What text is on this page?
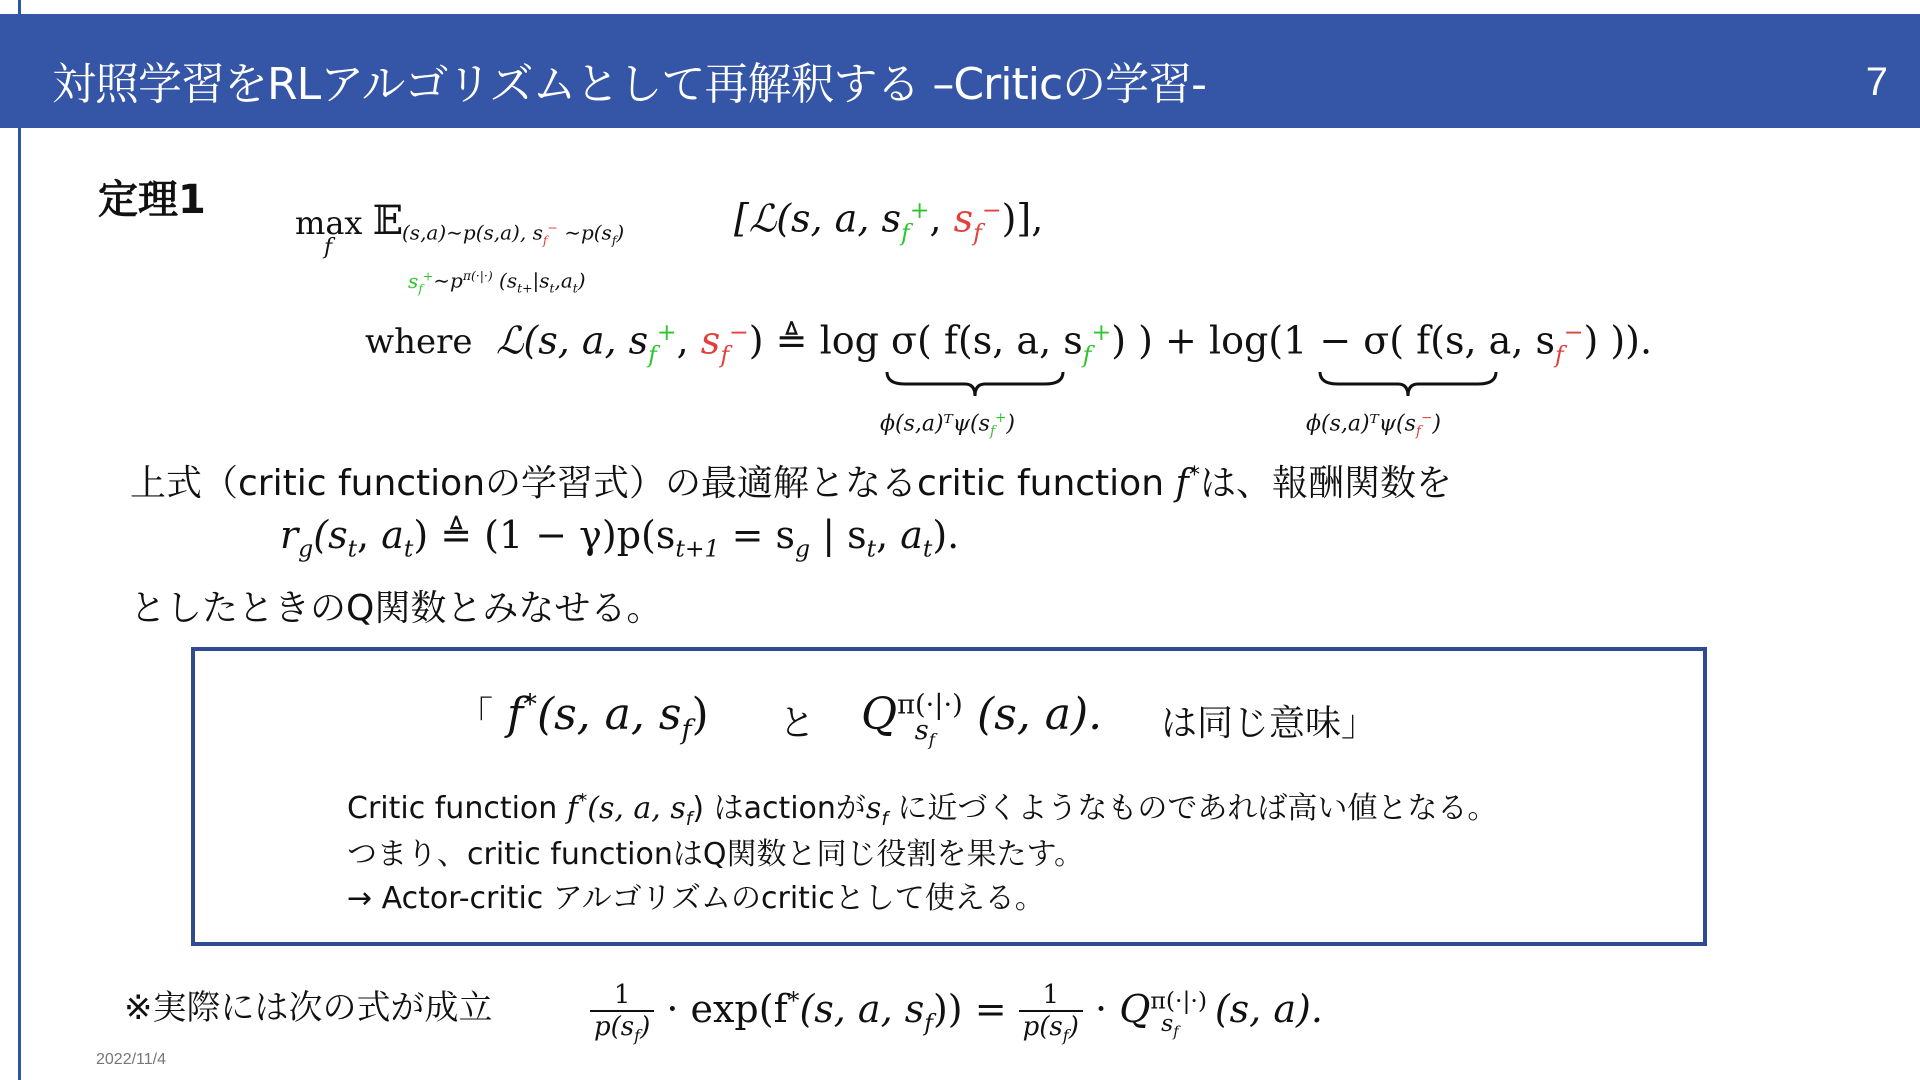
対照学習をRLアルゴリズムとして再解釈する –Criticの学習-	7
定理1	max 𝔼
f
(s,a)∼p(s,a), $s_f^-$ $\sim p(s_f)$
$s_f^+\sim p^{\pi(\cdot|\cdot)}$ $(s_{t+}|s_t,a_t)$
[ℒ(s, a, $s_f^+$, $s_f^-$)],
where ℒ(s, a, $s_f^+$, $s_f^-$) ≜ log σ( f(s, a, $s_f^+$) ) + log(1 − σ( f(s, a, $s_f^-$) )).
$\phi(s,a)ᵀ\psi(s_f^+)$	$\phi(s,a)ᵀ\psi(s_f^-)$
上式（critic functionの学習式）の最適解となるcritic function f*は、報酬関数を
$r_g(s_t$, $a_t$) ≜ $(1 - \gamma)p(s_{t+1} = s_g$ | $s_t$, $a_t$).
としたときのQ関数とみなせる。
「 f*(s, a, $s_f$) と $Q^{\pi(\cdot|\cdot)}_{s_f}$ (s, a). は同じ意味」
Critic function f*(s, a, $s_f$) はactionが$s_f$ に近づくようなものであれば高い値となる。
つまり、critic functionはQ関数と同じ役割を果たす。
→ Actor-critic アルゴリズムのcriticとして使える。
※実際には次の式が成立	$\frac{1}{p(s_f)} \cdot \exp(f^*(s$, a, $s_f)) = \frac{1}{p(s_f)} \cdot Q^{\pi(\cdot|\cdot)}_{s_f}$   (s, a).
2022/11/4
